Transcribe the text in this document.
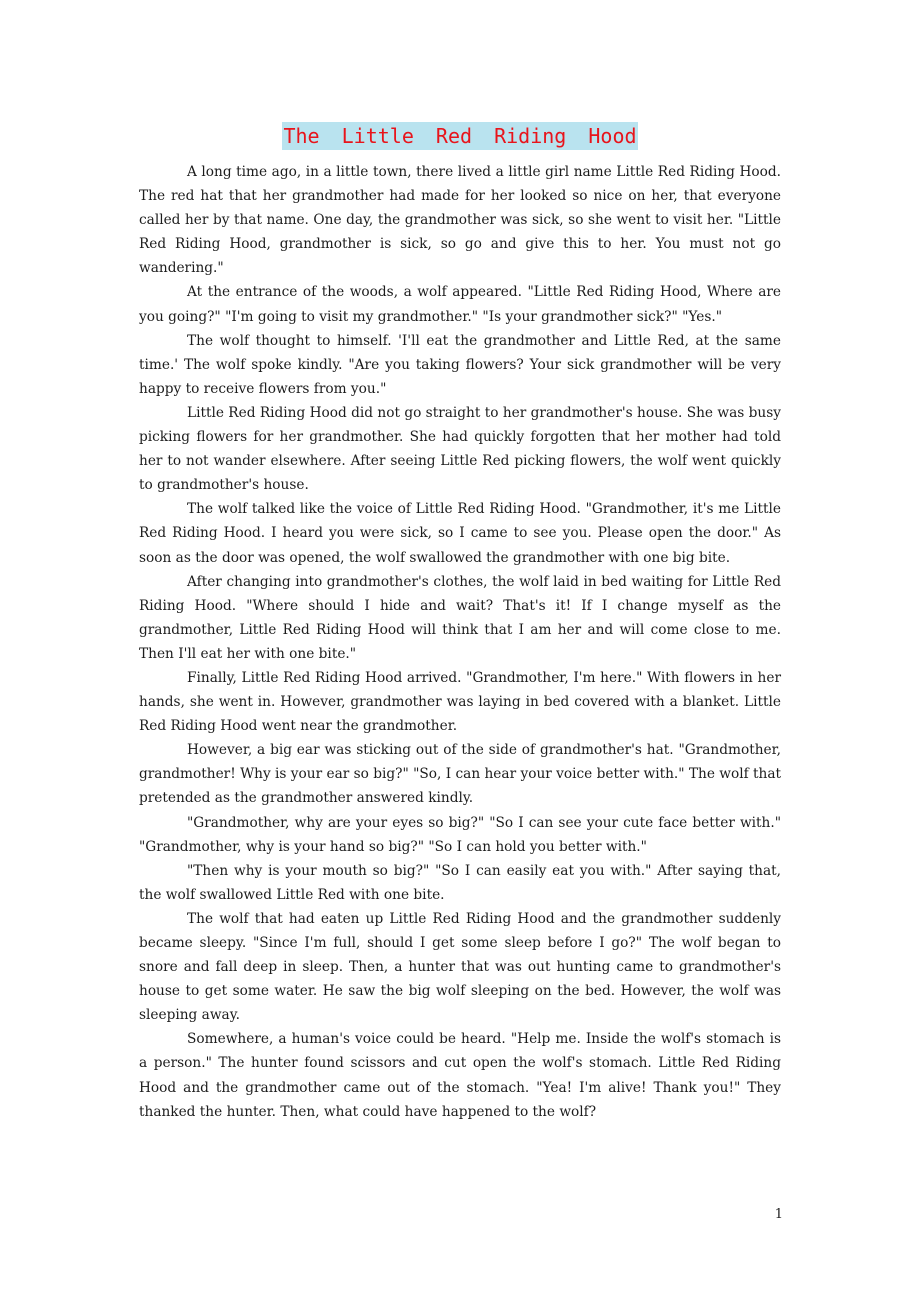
The Little Red Riding Hood

A long time ago, in a little town, there lived a little girl name Little Red Riding Hood. The red hat that her grandmother had made for her looked so nice on her, that everyone called her by that name. One day, the grandmother was sick, so she went to visit her. "Little Red Riding Hood, grandmother is sick, so go and give this to her. You must not go wandering."

At the entrance of the woods, a wolf appeared. "Little Red Riding Hood, Where are you going?" "I'm going to visit my grandmother." "Is your grandmother sick?" "Yes."

The wolf thought to himself. 'I'll eat the grandmother and Little Red, at the same time.' The wolf spoke kindly. "Are you taking flowers? Your sick grandmother will be very happy to receive flowers from you."

Little Red Riding Hood did not go straight to her grandmother's house. She was busy picking flowers for her grandmother. She had quickly forgotten that her mother had told her to not wander elsewhere. After seeing Little Red picking flowers, the wolf went quickly to grandmother's house.

The wolf talked like the voice of Little Red Riding Hood. "Grandmother, it's me Little Red Riding Hood. I heard you were sick, so I came to see you. Please open the door." As soon as the door was opened, the wolf swallowed the grandmother with one big bite.

After changing into grandmother's clothes, the wolf laid in bed waiting for Little Red Riding Hood. "Where should I hide and wait? That's it! If I change myself as the grandmother, Little Red Riding Hood will think that I am her and will come close to me. Then I'll eat her with one bite."

Finally, Little Red Riding Hood arrived. "Grandmother, I'm here." With flowers in her hands, she went in. However, grandmother was laying in bed covered with a blanket. Little Red Riding Hood went near the grandmother.

However, a big ear was sticking out of the side of grandmother's hat. "Grandmother, grandmother! Why is your ear so big?" "So, I can hear your voice better with." The wolf that pretended as the grandmother answered kindly.

"Grandmother, why are your eyes so big?" "So I can see your cute face better with." "Grandmother, why is your hand so big?" "So I can hold you better with."

"Then why is your mouth so big?" "So I can easily eat you with." After saying that, the wolf swallowed Little Red with one bite.

The wolf that had eaten up Little Red Riding Hood and the grandmother suddenly became sleepy. "Since I'm full, should I get some sleep before I go?" The wolf began to snore and fall deep in sleep. Then, a hunter that was out hunting came to grandmother's house to get some water. He saw the big wolf sleeping on the bed. However, the wolf was sleeping away.

Somewhere, a human's voice could be heard. "Help me. Inside the wolf's stomach is a person." The hunter found scissors and cut open the wolf's stomach. Little Red Riding Hood and the grandmother came out of the stomach. "Yea! I'm alive! Thank you!" They thanked the hunter. Then, what could have happened to the wolf?

1
